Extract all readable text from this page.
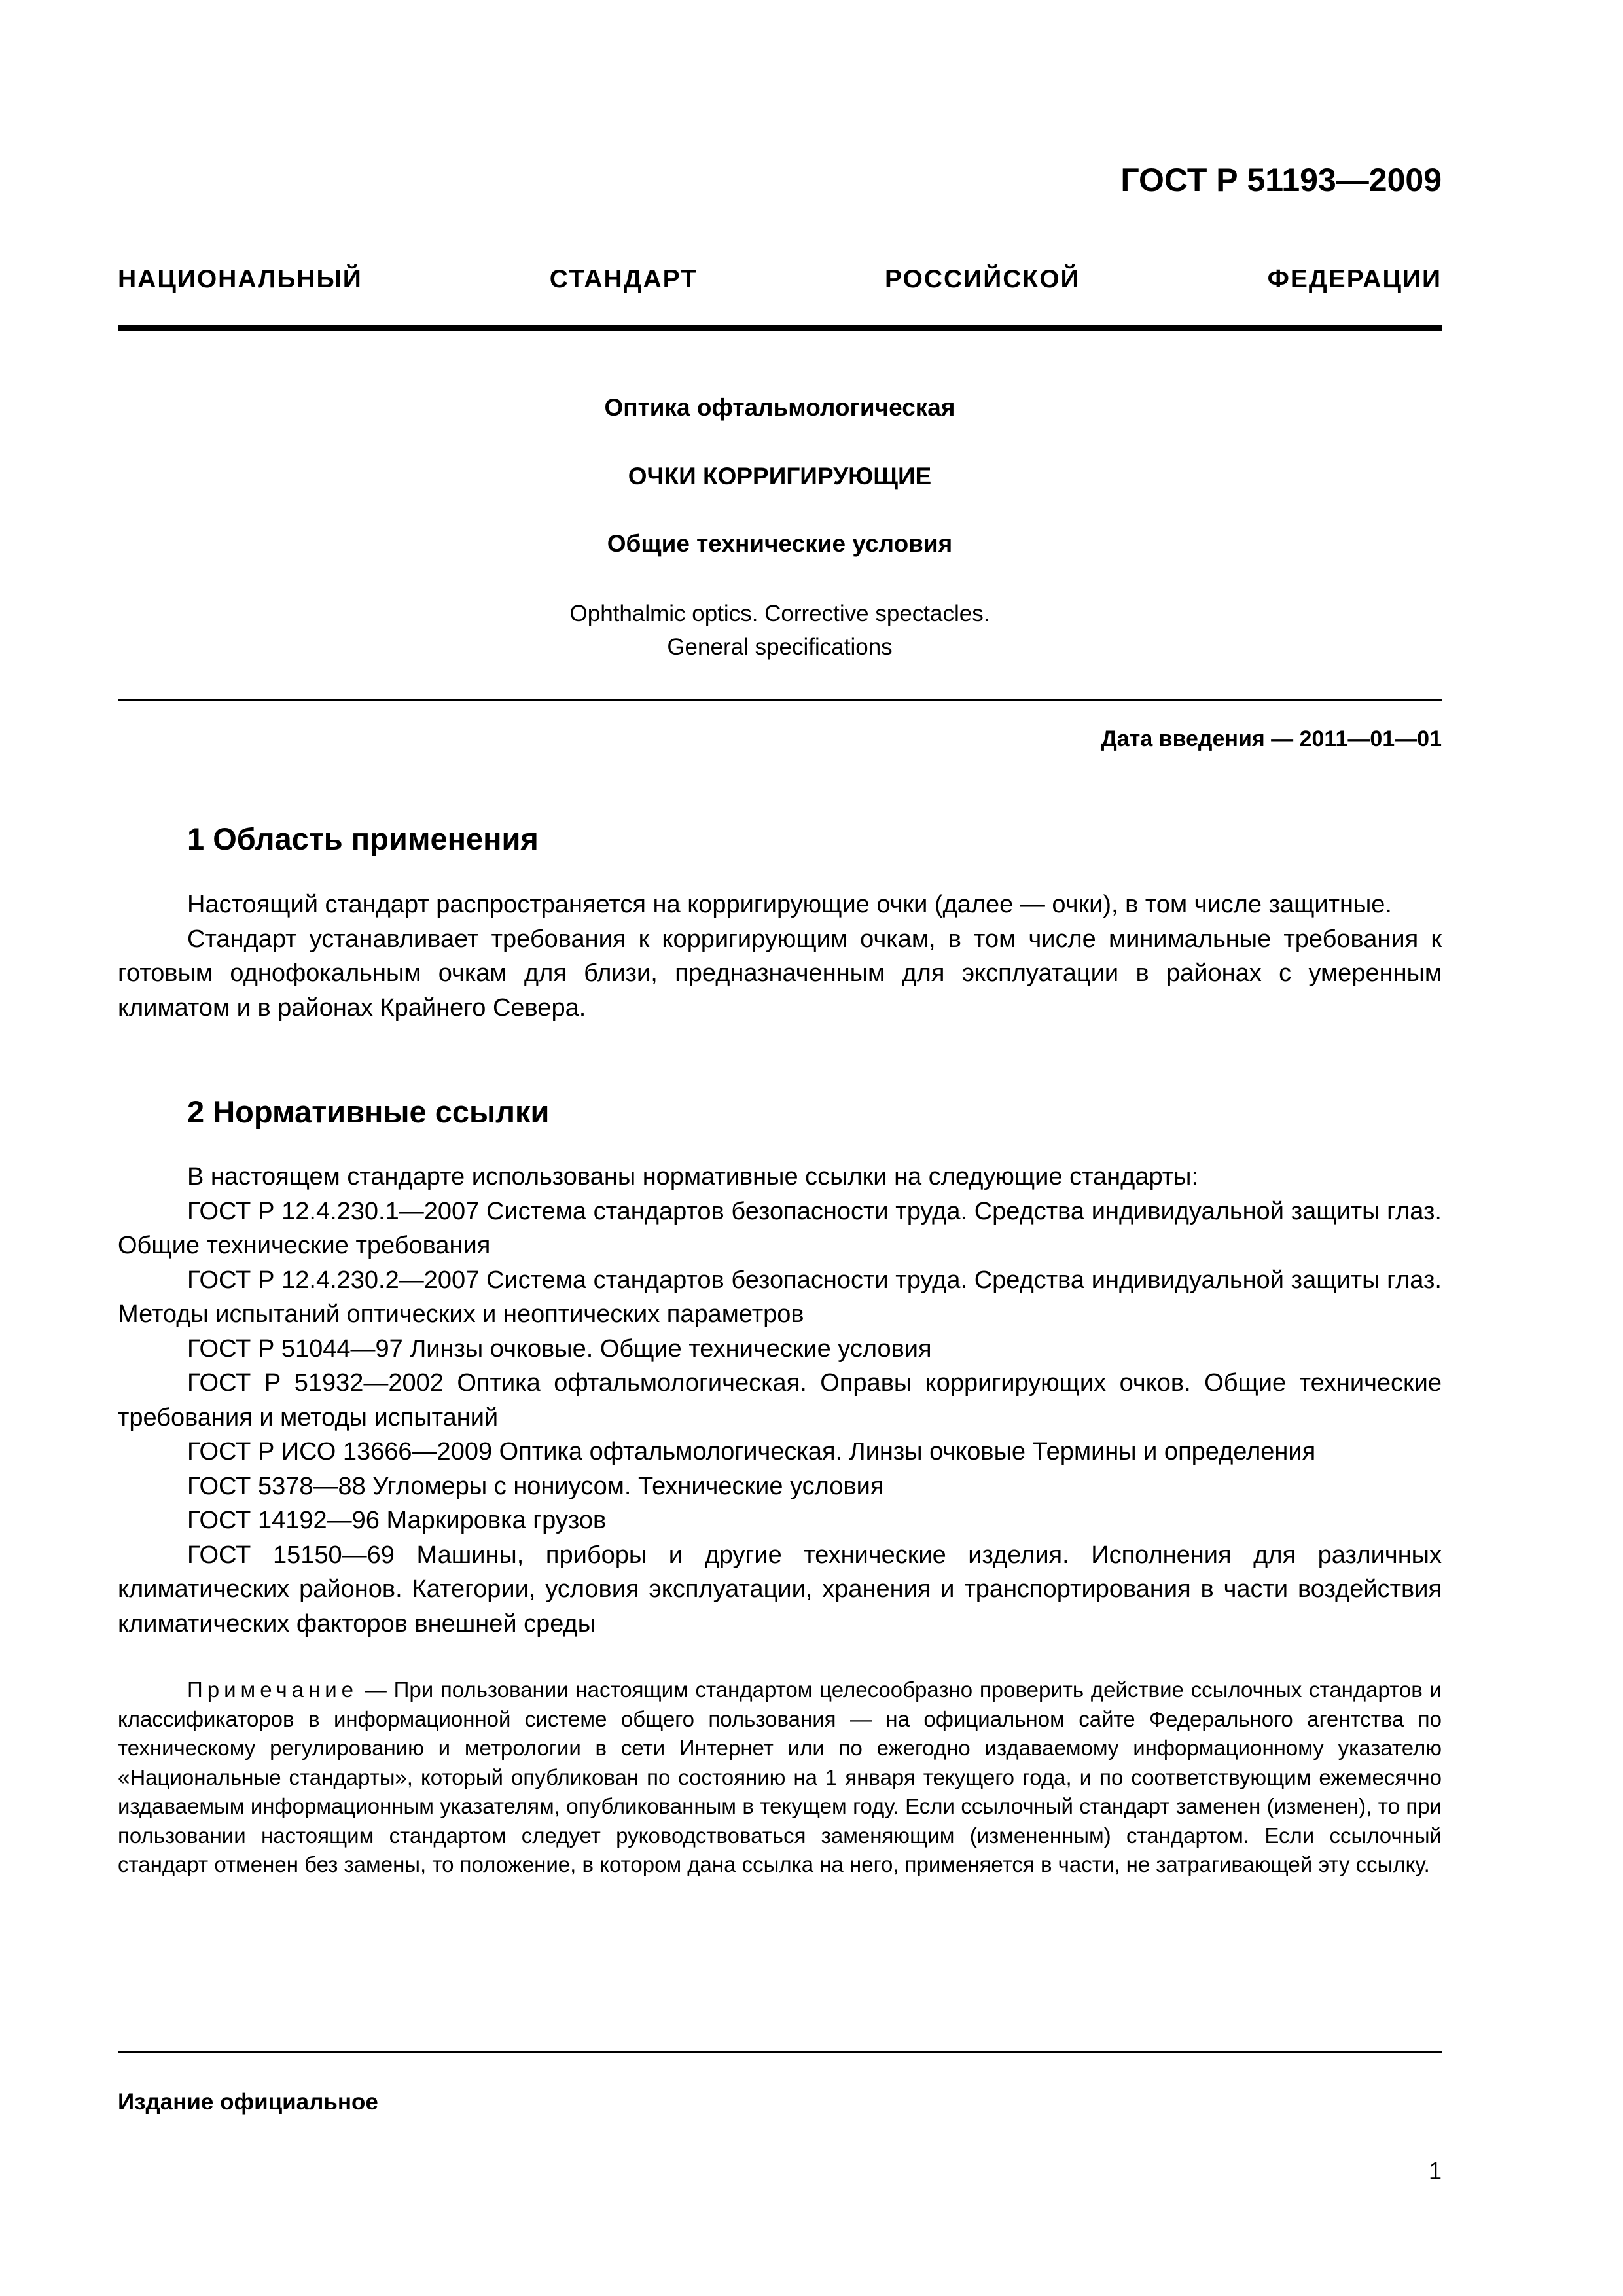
ГОСТ Р 51193—2009
НАЦИОНАЛЬНЫЙ СТАНДАРТ РОССИЙСКОЙ ФЕДЕРАЦИИ
Оптика офтальмологическая
ОЧКИ КОРРИГИРУЮЩИЕ
Общие технические условия
Ophthalmic optics. Corrective spectacles.
General specifications
Дата введения — 2011—01—01
1 Область применения

Настоящий стандарт распространяется на корригирующие очки (далее — очки), в том числе защитные.

Стандарт устанавливает требования к корригирующим очкам, в том числе минимальные требования к готовым однофокальным очкам для близи, предназначенным для эксплуатации в районах с умеренным климатом и в районах Крайнего Севера.

2 Нормативные ссылки

В настоящем стандарте использованы нормативные ссылки на следующие стандарты:

ГОСТ Р 12.4.230.1—2007 Система стандартов безопасности труда. Средства индивидуальной защиты глаз. Общие технические требования

ГОСТ Р 12.4.230.2—2007 Система стандартов безопасности труда. Средства индивидуальной защиты глаз. Методы испытаний оптических и неоптических параметров

ГОСТ Р 51044—97 Линзы очковые. Общие технические условия

ГОСТ Р 51932—2002 Оптика офтальмологическая. Оправы корригирующих очков. Общие технические требования и методы испытаний

ГОСТ Р ИСО 13666—2009 Оптика офтальмологическая. Линзы очковые Термины и определения

ГОСТ 5378—88 Угломеры с нониусом. Технические условия

ГОСТ 14192—96 Маркировка грузов

ГОСТ 15150—69 Машины, приборы и другие технические изделия. Исполнения для различных климатических районов. Категории, условия эксплуатации, хранения и транспортирования в части воздействия климатических факторов внешней среды

Примечание — При пользовании настоящим стандартом целесообразно проверить действие ссылочных стандартов и классификаторов в информационной системе общего пользования — на официальном сайте Федерального агентства по техническому регулированию и метрологии в сети Интернет или по ежегодно издаваемому информационному указателю «Национальные стандарты», который опубликован по состоянию на 1 января текущего года, и по соответствующим ежемесячно издаваемым информационным указателям, опубликованным в текущем году. Если ссылочный стандарт заменен (изменен), то при пользовании настоящим стандартом следует руководствоваться заменяющим (измененным) стандартом. Если ссылочный стандарт отменен без замены, то положение, в котором дана ссылка на него, применяется в части, не затрагивающей эту ссылку.

Издание официальное
1
